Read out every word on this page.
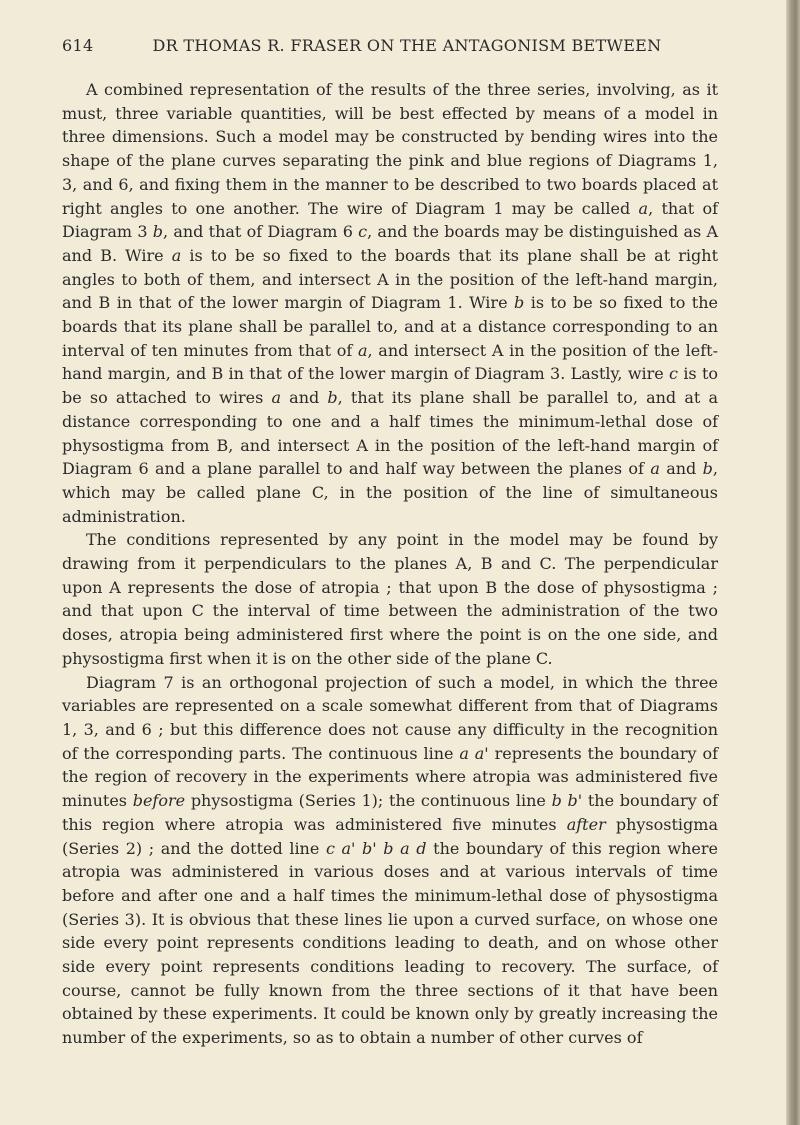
614	DR THOMAS R. FRASER ON THE ANTAGONISM BETWEEN

A combined representation of the results of the three series, involving, as it must, three variable quantities, will be best effected by means of a model in three dimensions. Such a model may be constructed by bending wires into the shape of the plane curves separating the pink and blue regions of Diagrams 1, 3, and 6, and fixing them in the manner to be described to two boards placed at right angles to one another. The wire of Diagram 1 may be called a, that of Diagram 3 b, and that of Diagram 6 c, and the boards may be distinguished as A and B. Wire a is to be so fixed to the boards that its plane shall be at right angles to both of them, and intersect A in the position of the left-hand margin, and B in that of the lower margin of Diagram 1. Wire b is to be so fixed to the boards that its plane shall be parallel to, and at a distance corresponding to an interval of ten minutes from that of a, and intersect A in the position of the left-hand margin, and B in that of the lower margin of Diagram 3. Lastly, wire c is to be so attached to wires a and b, that its plane shall be parallel to, and at a distance corresponding to one and a half times the minimum-lethal dose of physostigma from B, and intersect A in the position of the left-hand margin of Diagram 6 and a plane parallel to and half way between the planes of a and b, which may be called plane C, in the position of the line of simultaneous administration.

The conditions represented by any point in the model may be found by drawing from it perpendiculars to the planes A, B and C. The perpendicular upon A represents the dose of atropia ; that upon B the dose of physostigma ; and that upon C the interval of time between the administration of the two doses, atropia being administered first where the point is on the one side, and physostigma first when it is on the other side of the plane C.

Diagram 7 is an orthogonal projection of such a model, in which the three variables are represented on a scale somewhat different from that of Diagrams 1, 3, and 6 ; but this difference does not cause any difficulty in the recognition of the corresponding parts. The continuous line a a' represents the boundary of the region of recovery in the experiments where atropia was administered five minutes before physostigma (Series 1); the continuous line b b' the boundary of this region where atropia was administered five minutes after physostigma (Series 2) ; and the dotted line c a' b' b a d the boundary of this region where atropia was administered in various doses and at various intervals of time before and after one and a half times the minimum-lethal dose of physostigma (Series 3). It is obvious that these lines lie upon a curved surface, on whose one side every point represents conditions leading to death, and on whose other side every point represents conditions leading to recovery. The surface, of course, cannot be fully known from the three sections of it that have been obtained by these experiments. It could be known only by greatly increasing the number of the experiments, so as to obtain a number of other curves of
